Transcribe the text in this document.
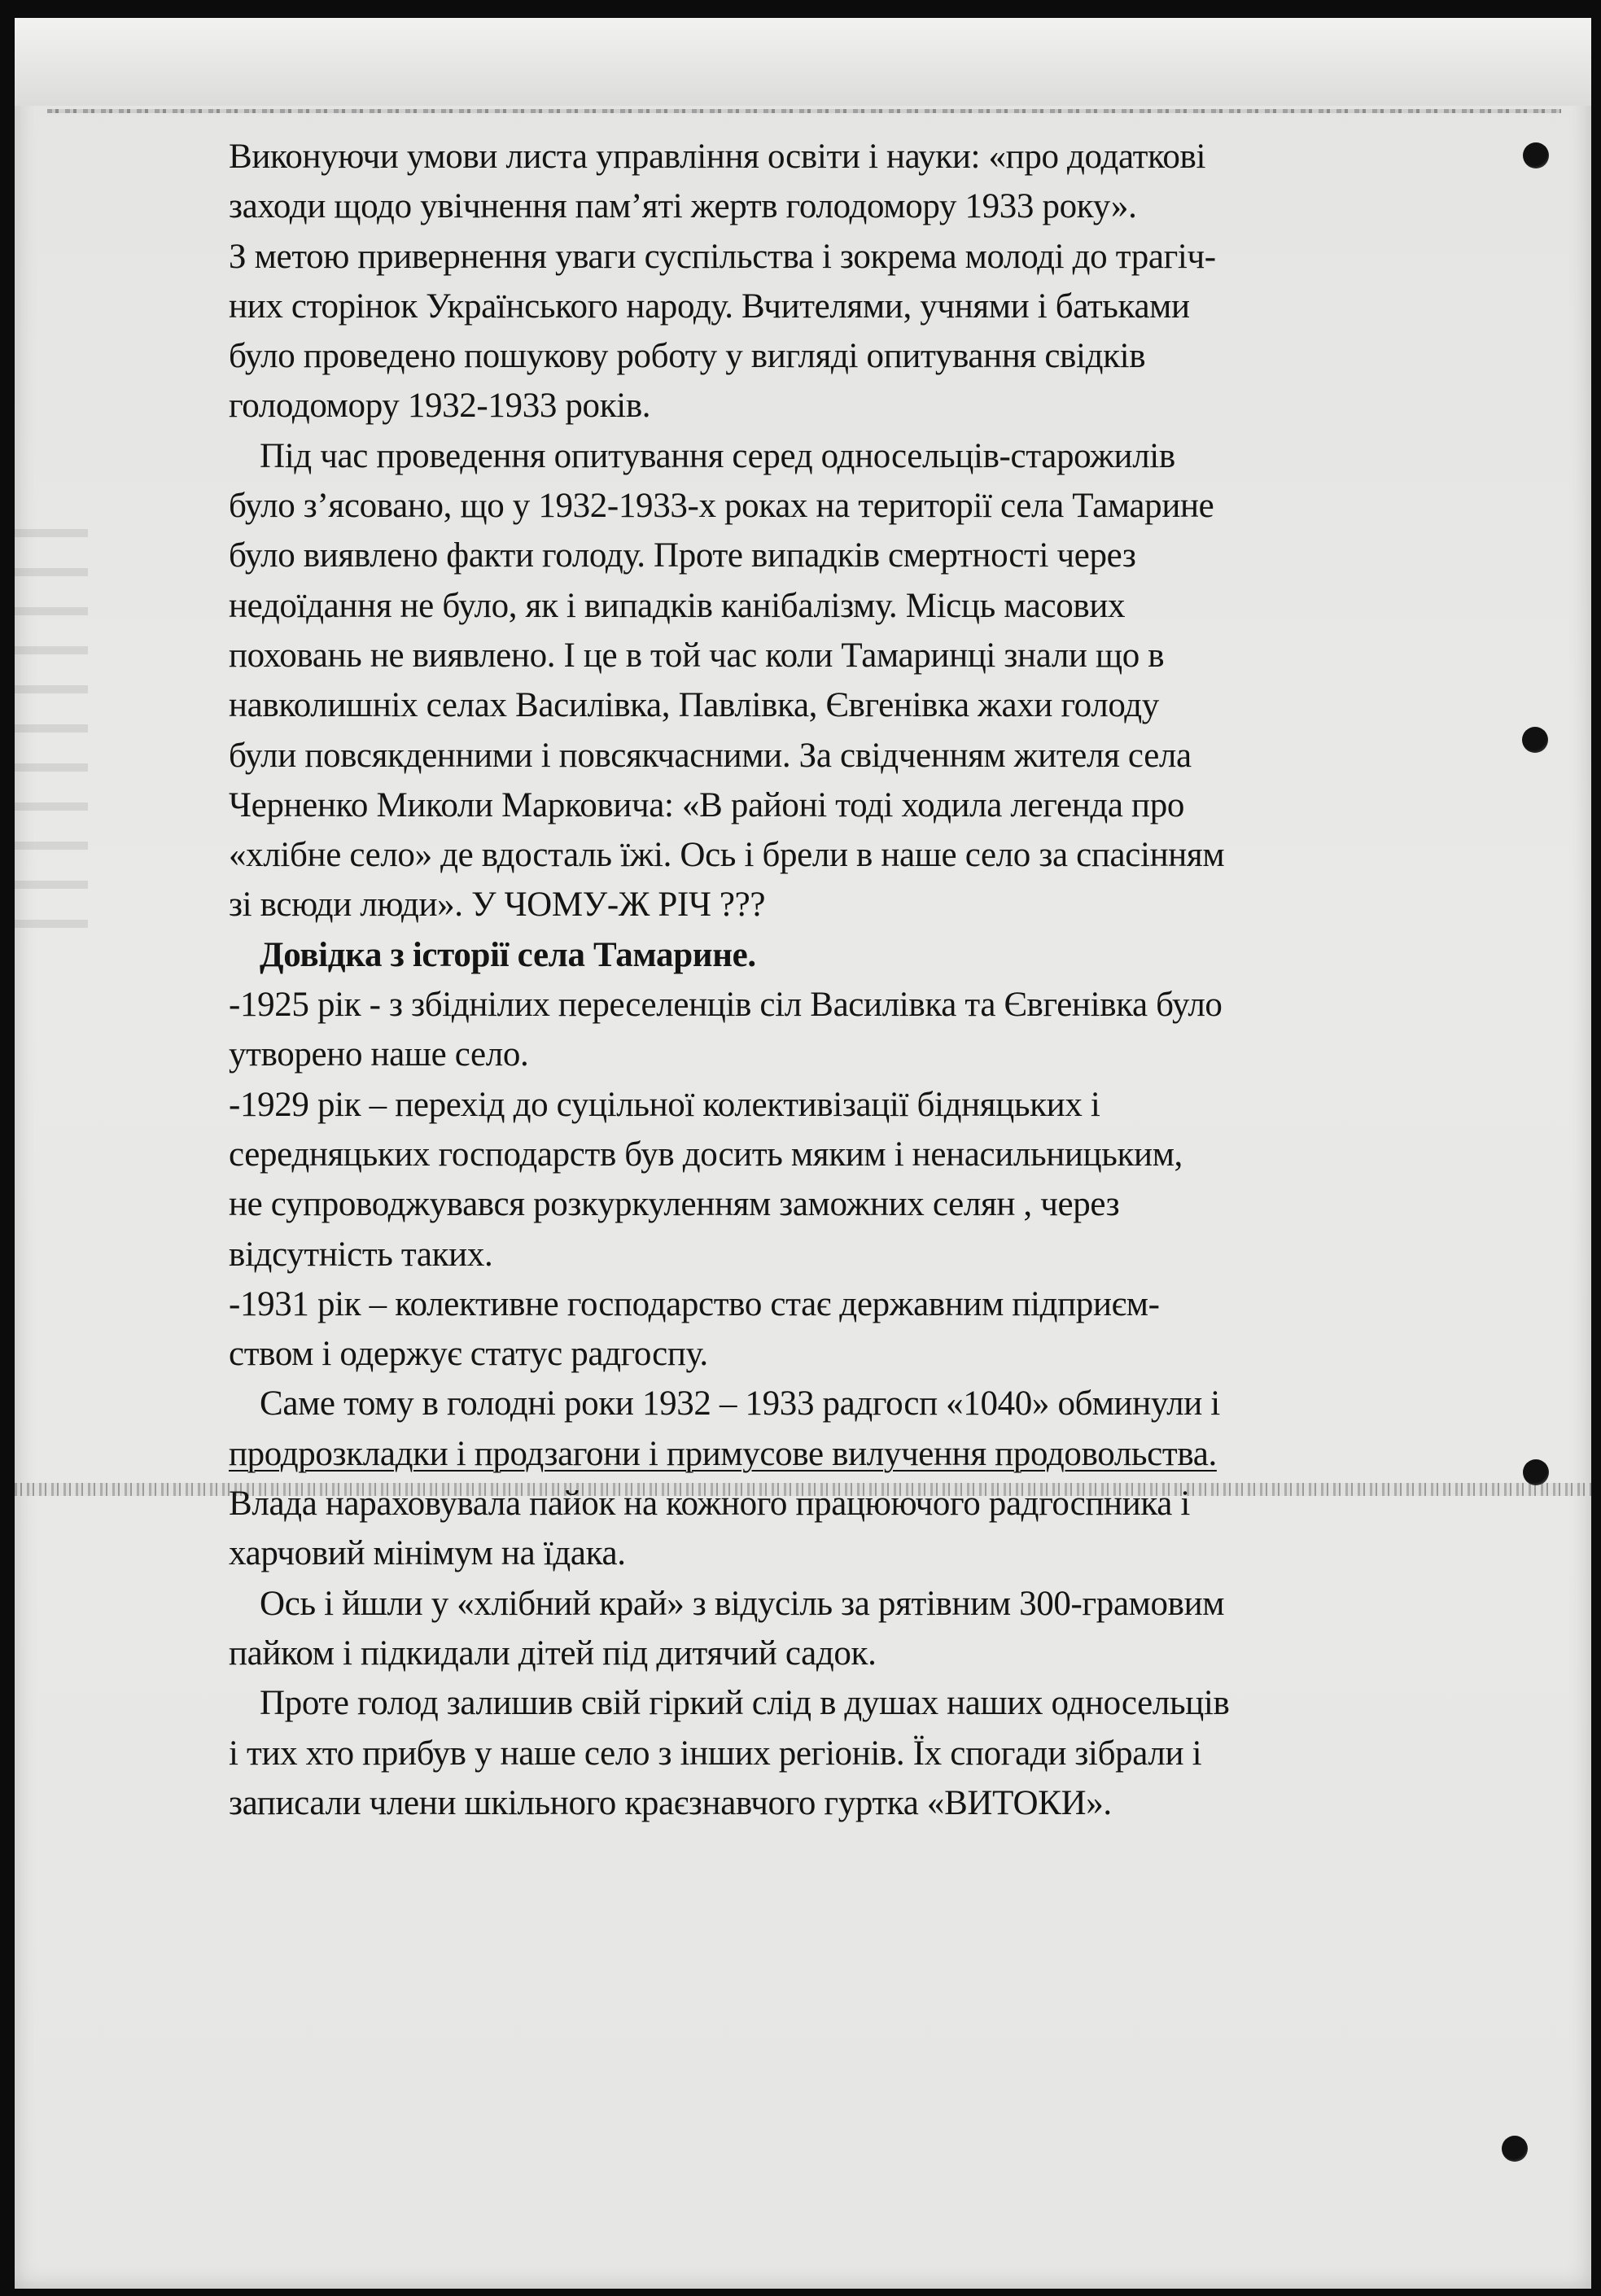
Виконуючи умови листа управління освіти і науки: «про додаткові
заходи щодо увічнення пам’яті жертв голодомору 1933 року».
З метою привернення уваги суспільства і зокрема молоді до трагіч-
них сторінок Українського народу. Вчителями, учнями і батьками
було проведено пошукову роботу у вигляді опитування свідків
голодомору 1932-1933 років.
Під час проведення опитування серед односельців-старожилів
було з’ясовано, що у 1932-1933-х роках на території села Тамарине
було виявлено факти голоду. Проте випадків смертності через
недоїдання не було, як і випадків канібалізму. Місць масових
поховань не виявлено. І це в той час коли Тамаринці знали що в
навколишніх селах Василівка, Павлівка, Євгенівка жахи голоду
були повсякденними і повсякчасними. За свідченням жителя села
Черненко Миколи Марковича: «В районі тоді ходила легенда про
«хлібне село» де вдосталь їжі. Ось і брели в наше село за спасінням
зі всюди люди». У ЧОМУ-Ж РІЧ ???
Довідка з історії села Тамарине.
-1925 рік - з збіднілих переселенців сіл Василівка та Євгенівка було
утворено наше село.
-1929 рік – перехід до суцільної колективізації бідняцьких і
середняцьких господарств був досить мяким і ненасильницьким,
не супроводжувався розкуркуленням заможних селян , через
відсутність таких.
-1931 рік – колективне господарство стає державним підприєм-
ством і одержує статус радгоспу.
Саме тому в голодні роки 1932 – 1933 радгосп «1040» обминули і
продрозкладки і продзагони і примусове вилучення продовольства.
Влада нараховувала пайок на кожного працюючого радгоспника і
харчовий мінімум на їдака.
Ось і йшли у «хлібний край» з відусіль за рятівним 300-грамовим
пайком і підкидали дітей під дитячий садок.
Проте голод залишив свій гіркий слід в душах наших односельців
і тих хто прибув у наше село з інших регіонів. Їх спогади зібрали і
записали члени шкільного краєзнавчого гуртка «ВИТОКИ».
